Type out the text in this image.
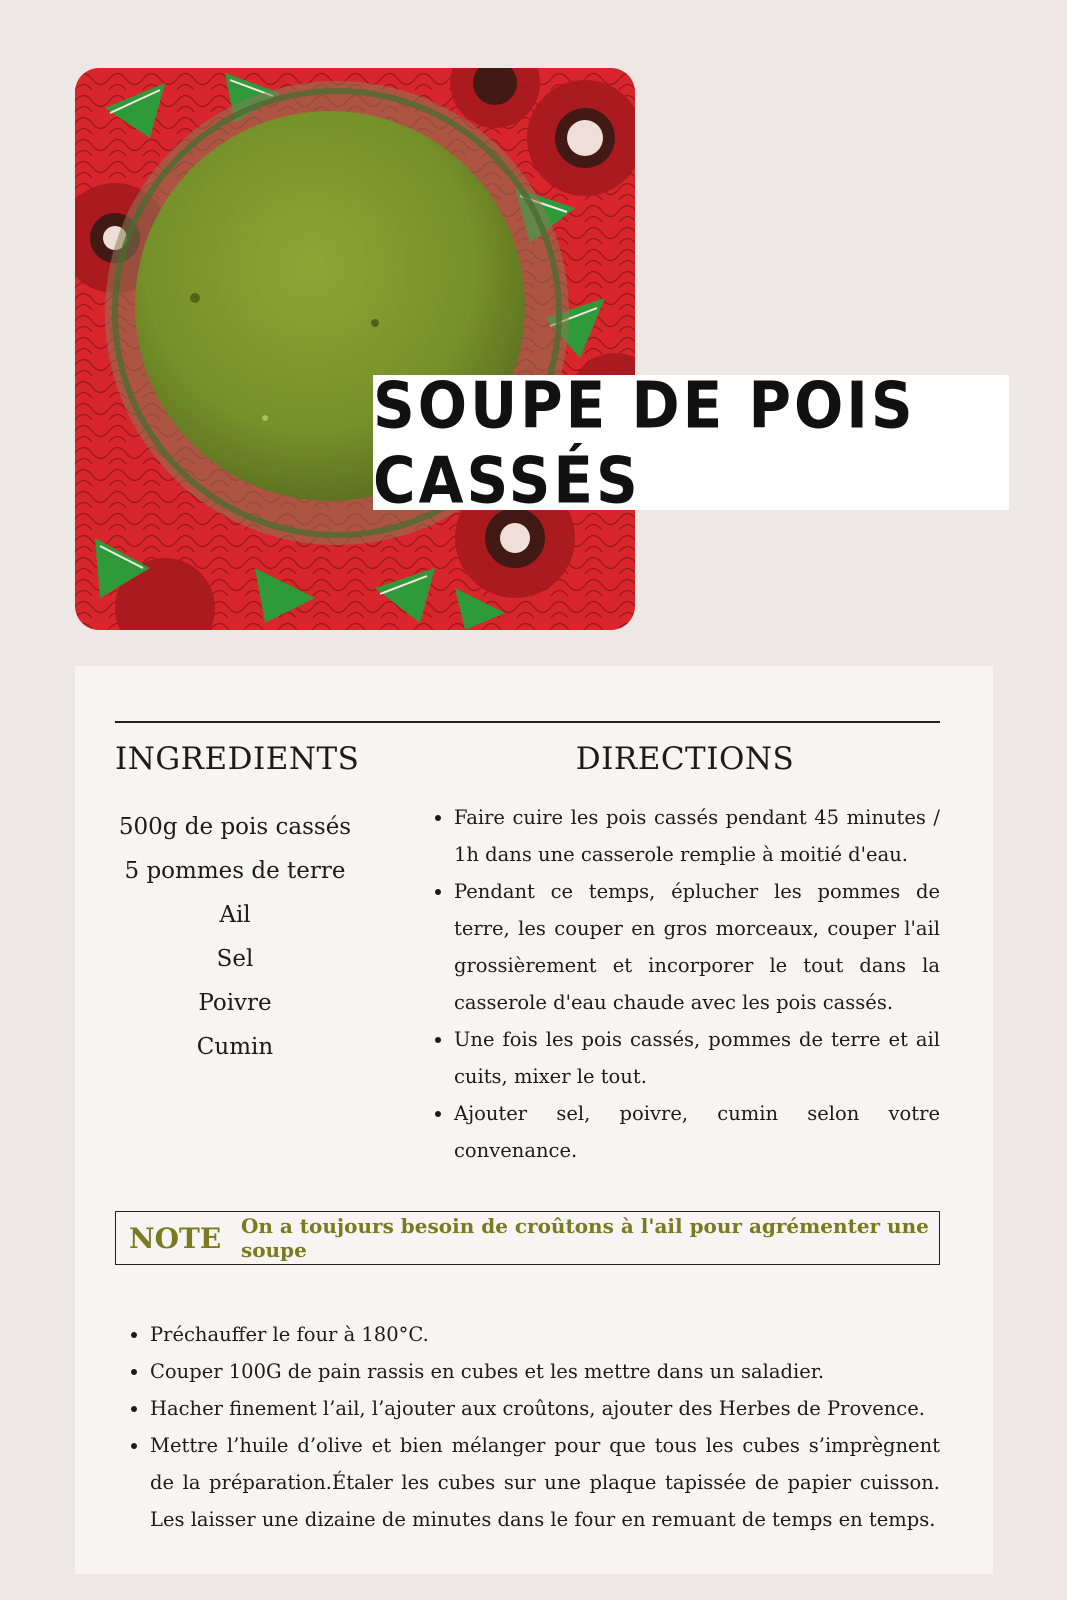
SOUPE DE POIS CASSÉS
INGREDIENTS
500g de pois cassés
5 pommes de terre
Ail
Sel
Poivre
Cumin
DIRECTIONS
• Faire cuire les pois cassés pendant 45 minutes / 1h dans une casserole remplie à moitié d'eau.
• Pendant ce temps, éplucher les pommes de terre, les couper en gros morceaux, couper l'ail grossièrement et incorporer le tout dans la casserole d'eau chaude avec les pois cassés.
• Une fois les pois cassés, pommes de terre et ail cuits, mixer le tout.
• Ajouter sel, poivre, cumin selon votre convenance.
NOTE On a toujours besoin de croûtons à l'ail pour agrémenter une soupe
• Préchauffer le four à 180°C.
• Couper 100G de pain rassis en cubes et les mettre dans un saladier.
• Hacher finement l’ail, l’ajouter aux croûtons, ajouter des Herbes de Provence.
• Mettre l’huile d’olive et bien mélanger pour que tous les cubes s’imprègnent de la préparation.Étaler les cubes sur une plaque tapissée de papier cuisson. Les laisser une dizaine de minutes dans le four en remuant de temps en temps.
